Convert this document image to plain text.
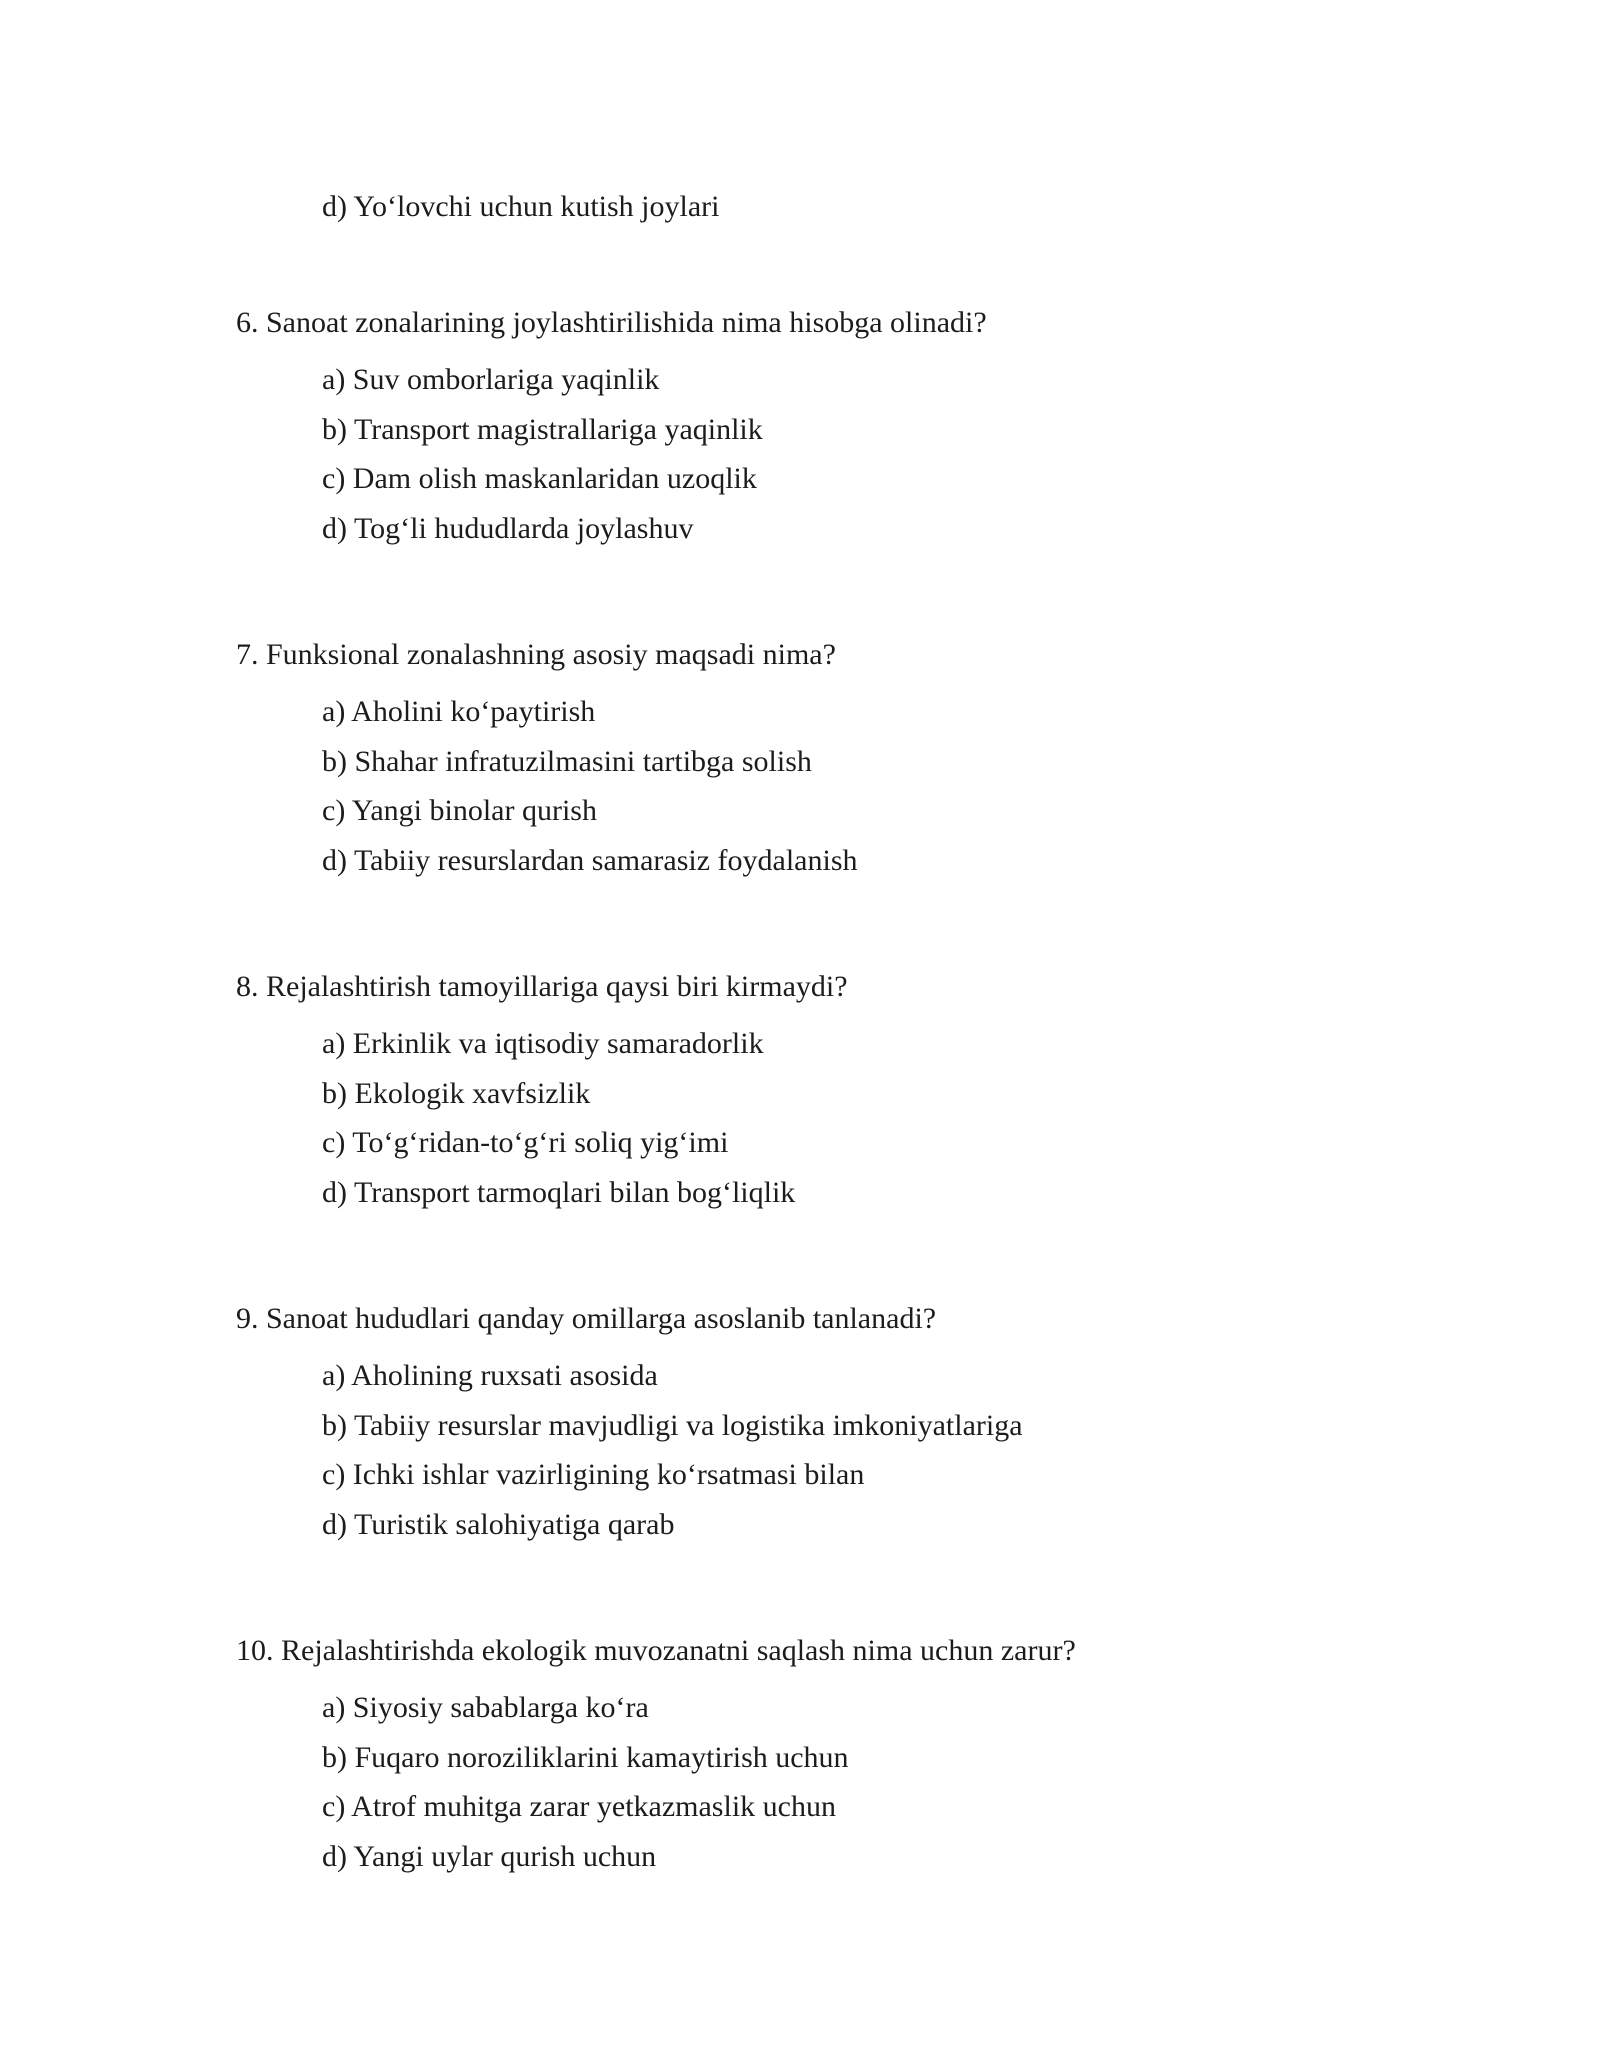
d) Yo‘lovchi uchun kutish joylari
6. Sanoat zonalarining joylashtirilishida nima hisobga olinadi?
a) Suv omborlariga yaqinlik
b) Transport magistrallariga yaqinlik
c) Dam olish maskanlaridan uzoqlik
d) Tog‘li hududlarda joylashuv
7. Funksional zonalashning asosiy maqsadi nima?
a) Aholini ko‘paytirish
b) Shahar infratuzilmasini tartibga solish
c) Yangi binolar qurish
d) Tabiiy resurslardan samarasiz foydalanish
8. Rejalashtirish tamoyillariga qaysi biri kirmaydi?
a) Erkinlik va iqtisodiy samaradorlik
b) Ekologik xavfsizlik
c) To‘g‘ridan-to‘g‘ri soliq yig‘imi
d) Transport tarmoqlari bilan bog‘liqlik
9. Sanoat hududlari qanday omillarga asoslanib tanlanadi?
a) Aholining ruxsati asosida
b) Tabiiy resurslar mavjudligi va logistika imkoniyatlariga
c) Ichki ishlar vazirligining ko‘rsatmasi bilan
d) Turistik salohiyatiga qarab
10. Rejalashtirishda ekologik muvozanatni saqlash nima uchun zarur?
a) Siyosiy sabablarga ko‘ra
b) Fuqaro noroziliklarini kamaytirish uchun
c) Atrof muhitga zarar yetkazmaslik uchun
d) Yangi uylar qurish uchun
